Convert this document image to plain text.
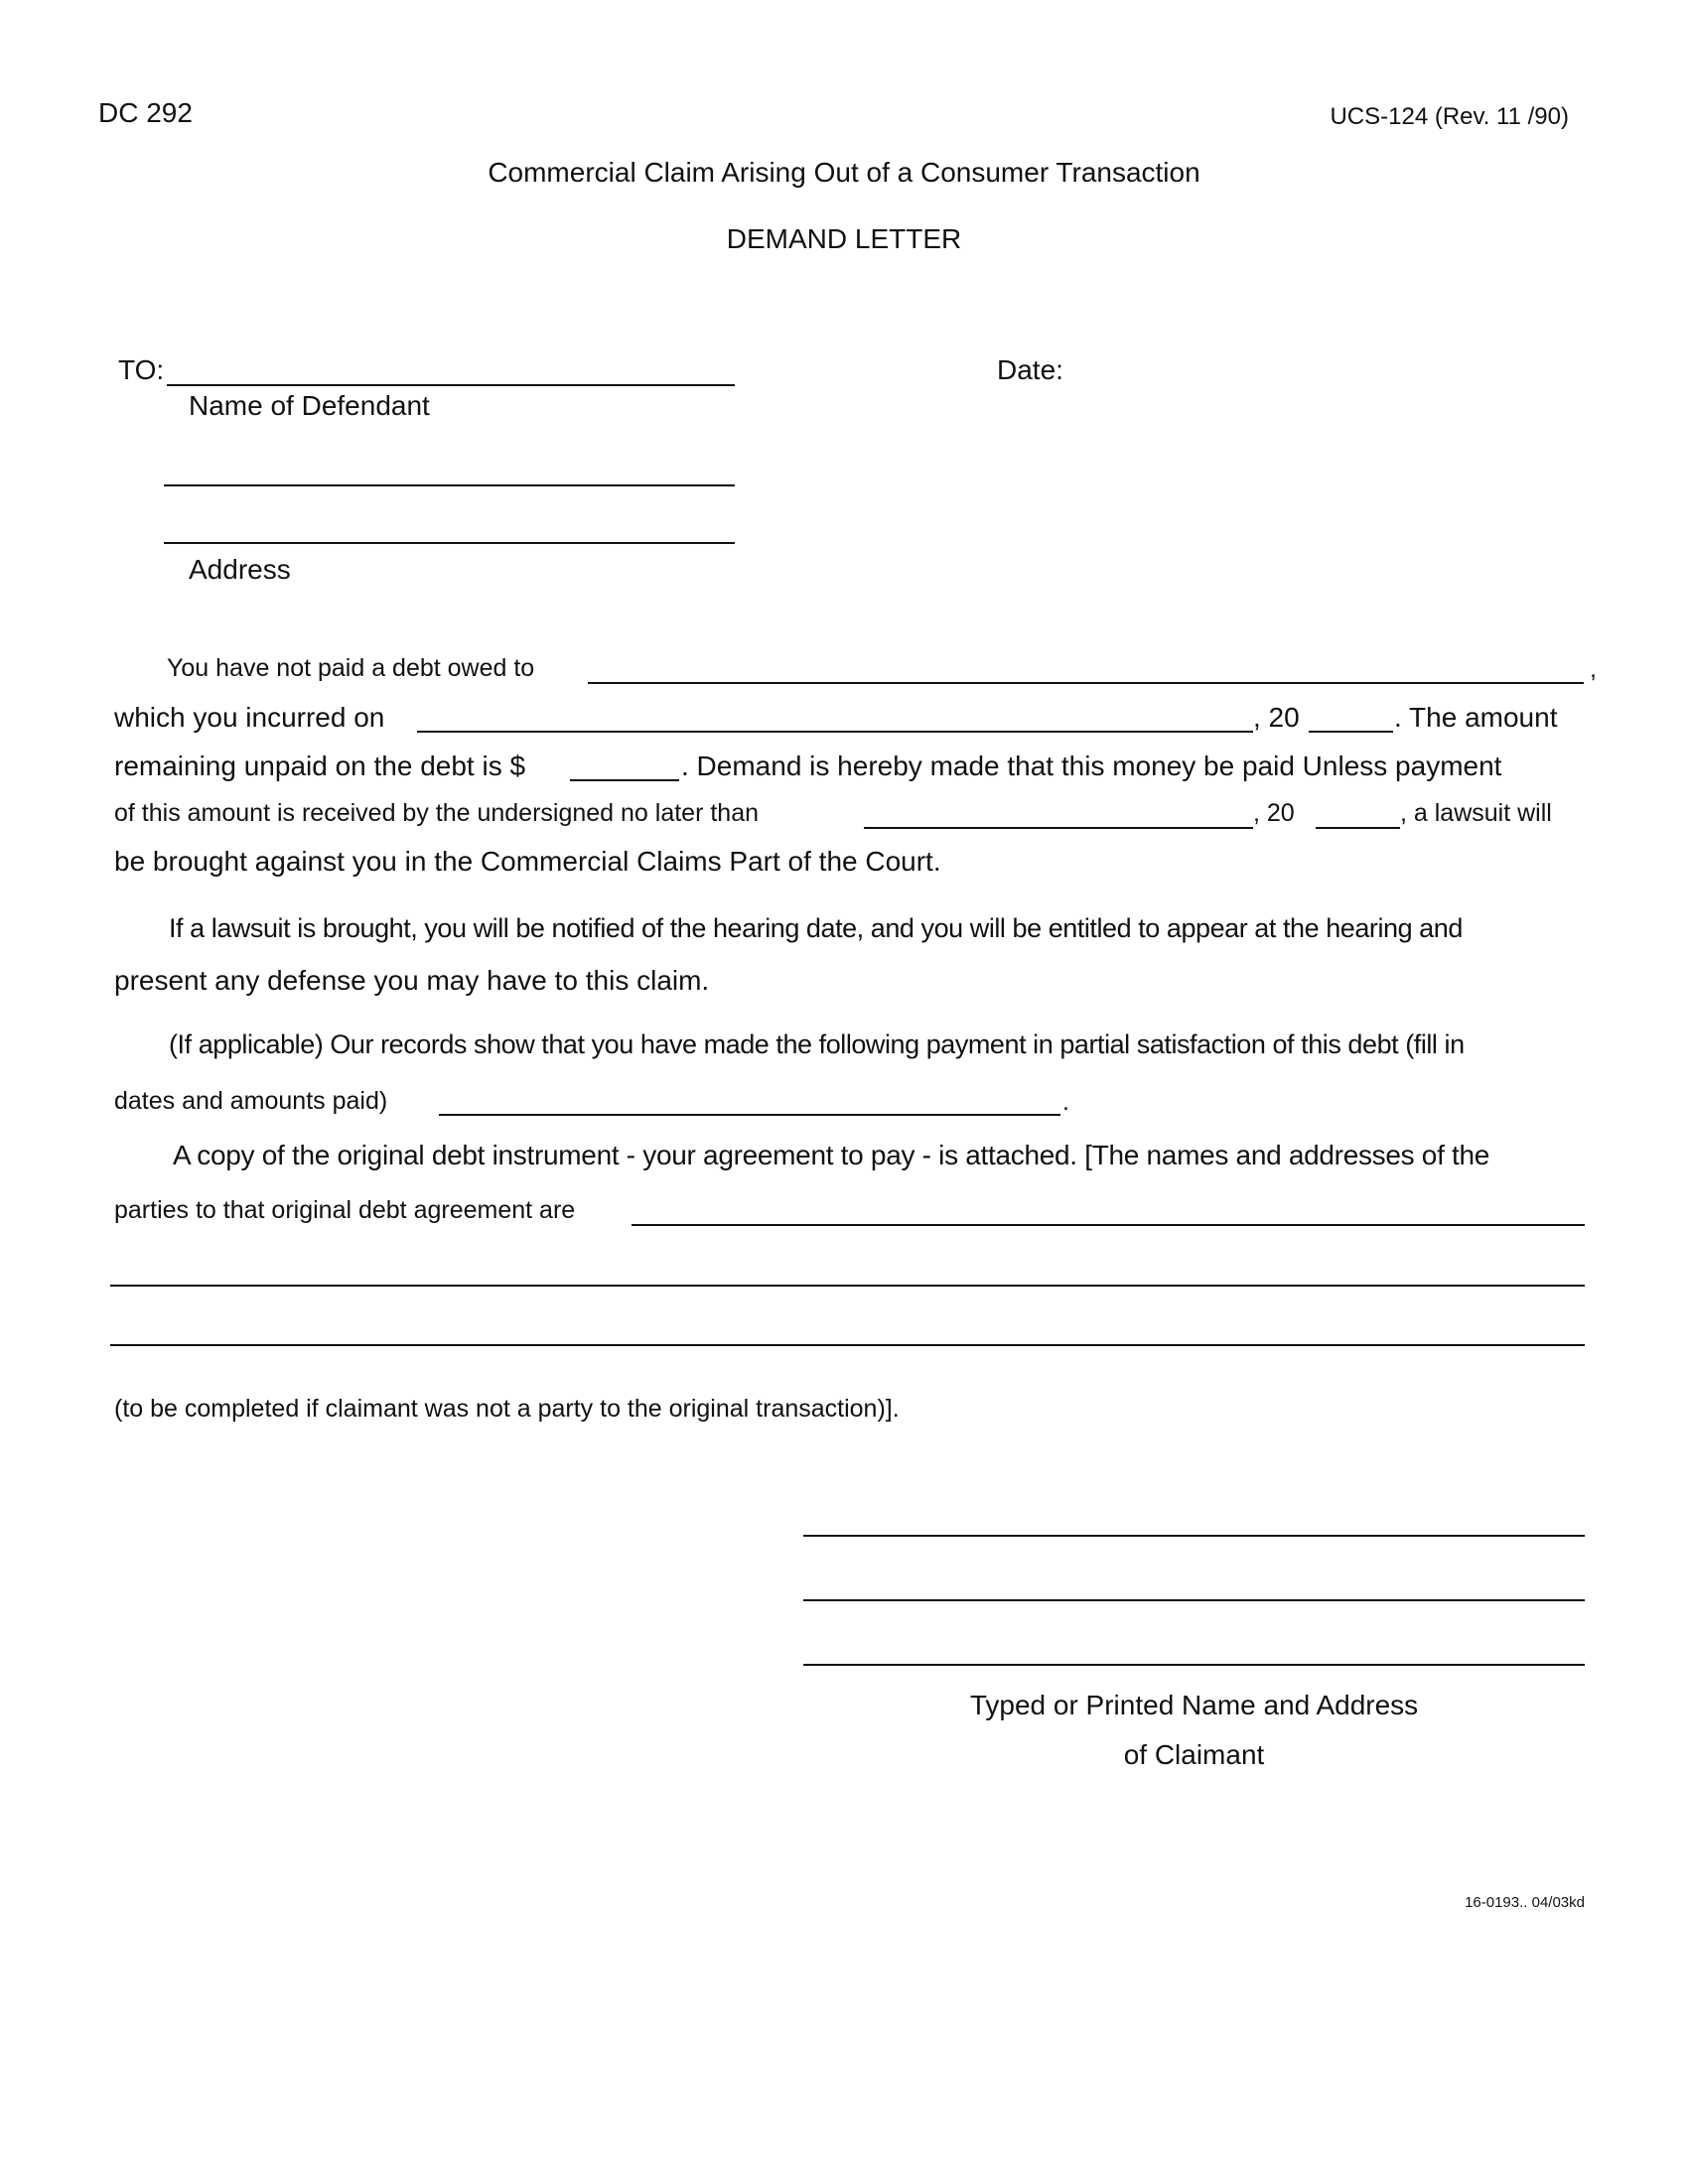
DC 292	UCS-124 (Rev. 11 /90)
Commercial Claim Arising Out of a Consumer Transaction
DEMAND LETTER
TO:	Date:
Name of Defendant
Address
You have not paid a debt owed to	,
which you incurred on	, 20	. The amount
remaining unpaid on the debt is $	. Demand is hereby made that this money be paid Unless payment
of this amount is received by the undersigned no later than	, 20	, a lawsuit will
be brought against you in the Commercial Claims Part of the Court.
If a lawsuit is brought, you will be notified of the hearing date, and you will be entitled to appear at the hearing and
present any defense you may have to this claim.
(If applicable) Our records show that you have made the following payment in partial satisfaction of this debt (fill in
dates and amounts paid)	.
A copy of the original debt instrument - your agreement to pay - is attached. [The names and addresses of the
parties to that original debt agreement are
(to be completed if claimant was not a party to the original transaction)].
Typed or Printed Name and Address
of Claimant
16-0193.. 04/03kd
